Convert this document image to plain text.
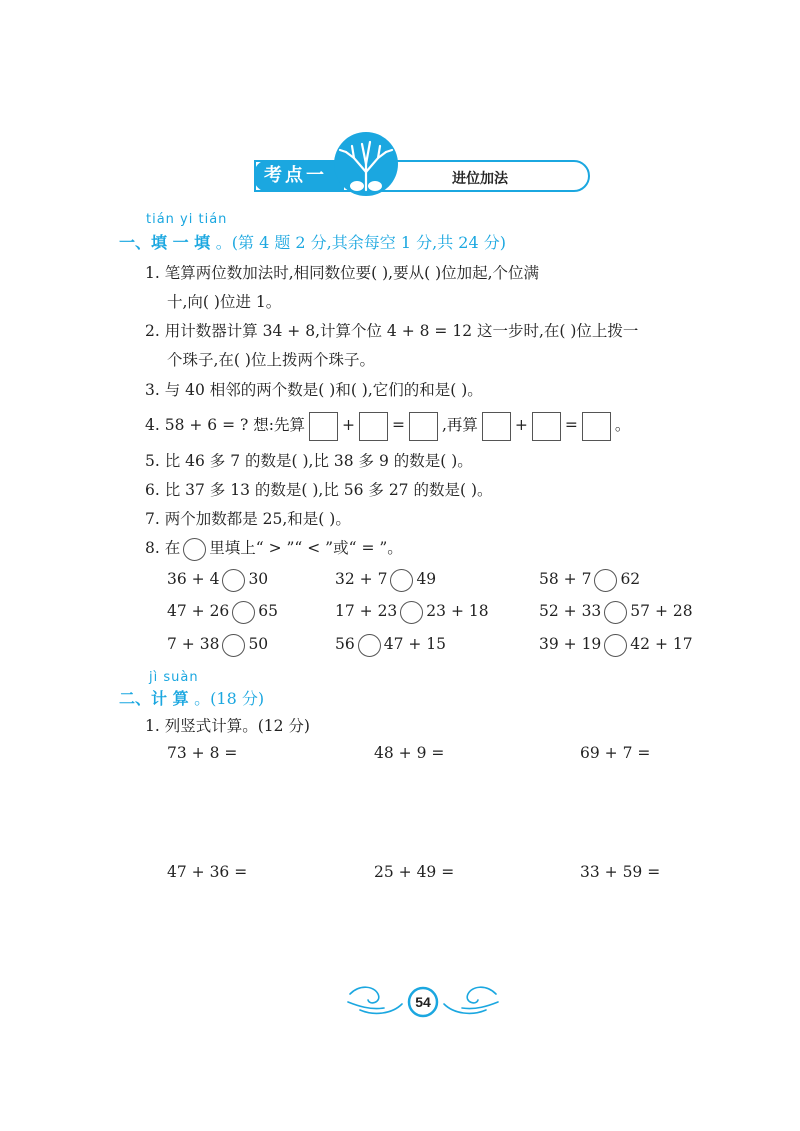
考点一	进位加法
tián yi tián
一、填 一 填 。(第 4 题 2 分,其余每空 1 分,共 24 分)
1. 笔算两位数加法时,相同数位要( ),要从( )位加起,个位满
十,向( )位进 1。
2. 用计数器计算 34 + 8,计算个位 4 + 8 = 12 这一步时,在( )位上拨一
个珠子,在( )位上拨两个珠子。
3. 与 40 相邻的两个数是( )和( ),它们的和是( )。
4. 58 + 6 = ? 想:先算 + = ,再算 + = 。
5. 比 46 多 7 的数是( ),比 38 多 9 的数是( )。
6. 比 37 多 13 的数是( ),比 56 多 27 的数是( )。
7. 两个加数都是 25,和是( )。
8. 在 里填上“ > ”“ < ”或“ = ”。
36 + 4 30	32 + 7 49	58 + 7 62
47 + 26 65	17 + 23 23 + 18	52 + 33 57 + 28
7 + 38 50	56 47 + 15	39 + 19 42 + 17
jì suàn
二、计 算 。(18 分)
1. 列竖式计算。(12 分)
73 + 8 =	48 + 9 =	69 + 7 =
47 + 36 =	25 + 49 =	33 + 59 =
54
